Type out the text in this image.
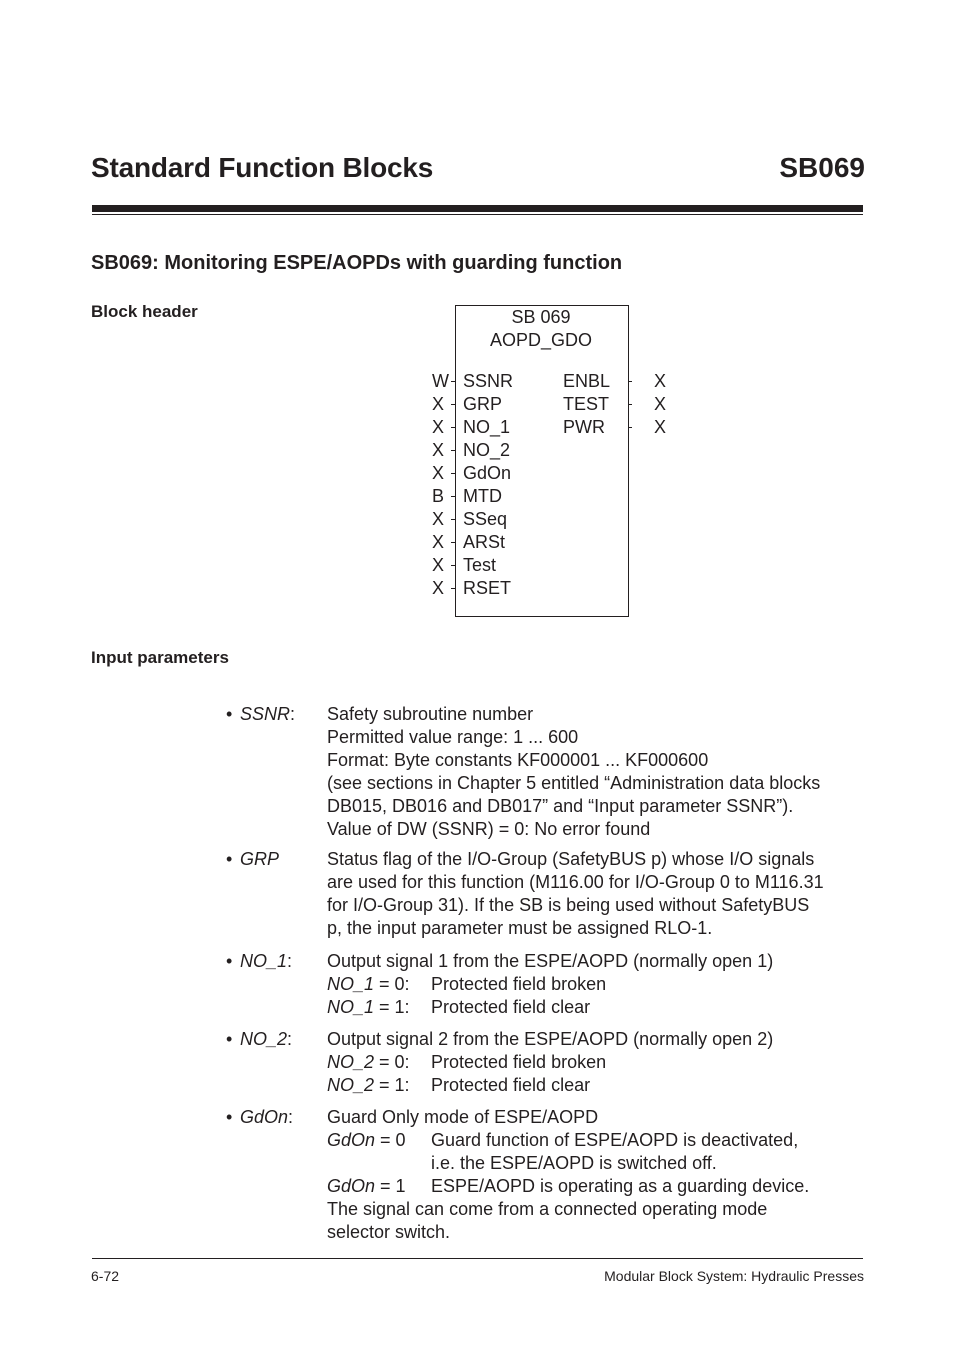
Standard Function Blocks	SB069
SB069: Monitoring ESPE/AOPDs with guarding function
Block header	SB 069
AOPD_GDO
W SSNR
X GRP
X NO_1
X NO_2
X GdOn
B MTD
X SSeq
X ARSt
X Test
X RSET
ENBL X
TEST X
PWR	X
Input parameters
• SSNR: Safety subroutine number
Permitted value range: 1 ... 600
Format: Byte constants KF000001 ... KF000600
(see sections in Chapter 5 entitled “Administration data blocks
DB015, DB016 and DB017” and “Input parameter SSNR”).
Value of DW (SSNR) = 0: No error found
• GRP	Status flag of the I/O-Group (SafetyBUS p) whose I/O signals
are used for this function (M116.00 for I/O-Group 0 to M116.31
for I/O-Group 31). If the SB is being used without SafetyBUS
p, the input parameter must be assigned RLO-1.
• NO_1: Output signal 1 from the ESPE/AOPD (normally open 1)
NO_1 = 0: Protected field broken
NO_1 = 1: Protected field clear
• NO_2: Output signal 2 from the ESPE/AOPD (normally open 2)
NO_2 = 0: Protected field broken
NO_2 = 1: Protected field clear
• GdOn: Guard Only mode of ESPE/AOPD
GdOn = 0 Guard function of ESPE/AOPD is deactivated,
i.e. the ESPE/AOPD is switched off.
GdOn = 1 ESPE/AOPD is operating as a guarding device.
The signal can come from a connected operating mode
selector switch.
6-72	Modular Block System: Hydraulic Presses
